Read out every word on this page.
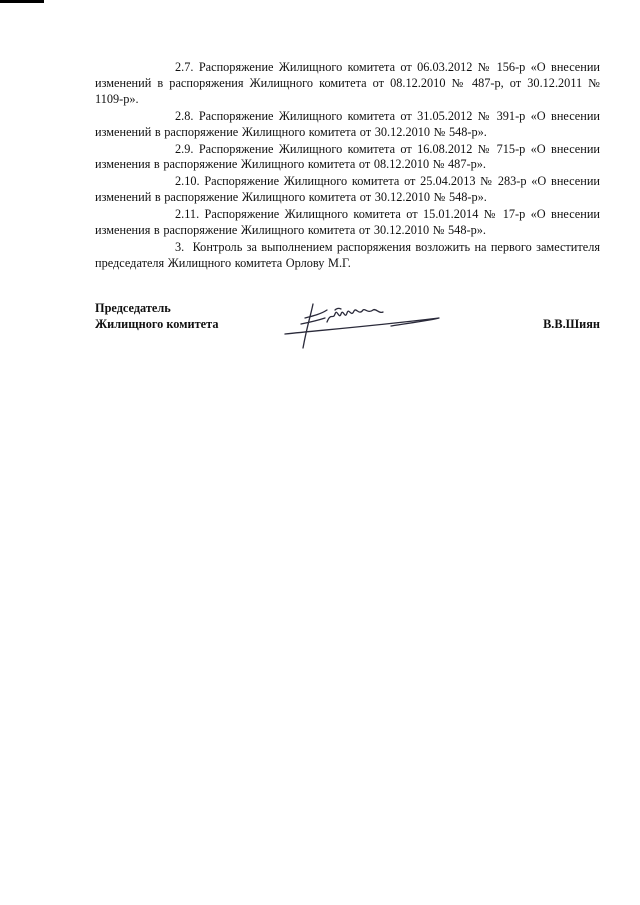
2.7. Распоряжение Жилищного комитета от 06.03.2012 № 156-р «О внесении изменений в распоряжения Жилищного комитета от 08.12.2010 № 487-р, от 30.12.2011 № 1109-р».

2.8. Распоряжение Жилищного комитета от 31.05.2012 № 391-р «О внесении изменений в распоряжение Жилищного комитета от 30.12.2010 № 548-р».

2.9. Распоряжение Жилищного комитета от 16.08.2012 № 715-р «О внесении изменения в распоряжение Жилищного комитета от 08.12.2010 № 487-р».

2.10. Распоряжение Жилищного комитета от 25.04.2013 № 283-р «О внесении изменений в распоряжение Жилищного комитета от 30.12.2010 № 548-р».

2.11. Распоряжение Жилищного комитета от 15.01.2014 № 17-р «О внесении изменения в распоряжение Жилищного комитета от 30.12.2010 № 548-р».

3. Контроль за выполнением распоряжения возложить на первого заместителя председателя Жилищного комитета Орлову М.Г.

Председатель
Жилищного комитета	В.В.Шиян
